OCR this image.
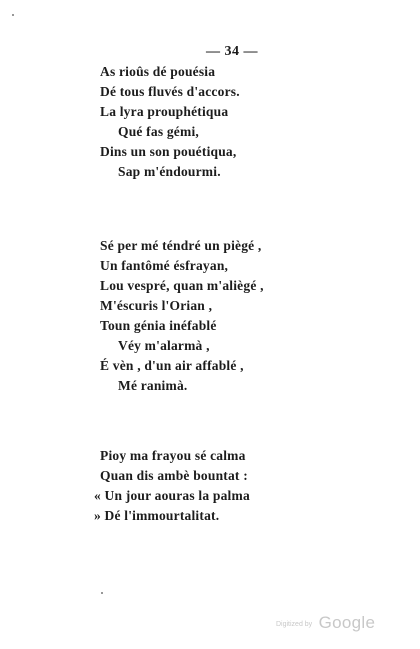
— 34 —
As rioûs dé pouésia
Dé tous fluvés d'accors.
La lyra prouphétiqua
Qué fas gémi,
Dins un son pouétiqua,
Sap m'éndourmi.
Sé per mé téndré un piègé ,
Un fantômé ésfrayan,
Lou vespré, quan m'aliègé ,
M'éscuris l'Orian ,
Toun génia inéfablé
Véy m'alarmà ,
É vèn , d'un air affablé ,
Mé ranimà.
Pioy ma frayou sé calma
Quan dis ambè bountat :
« Un jour aouras la palma
» Dé l'immourtalitat.
Digitized by Google
